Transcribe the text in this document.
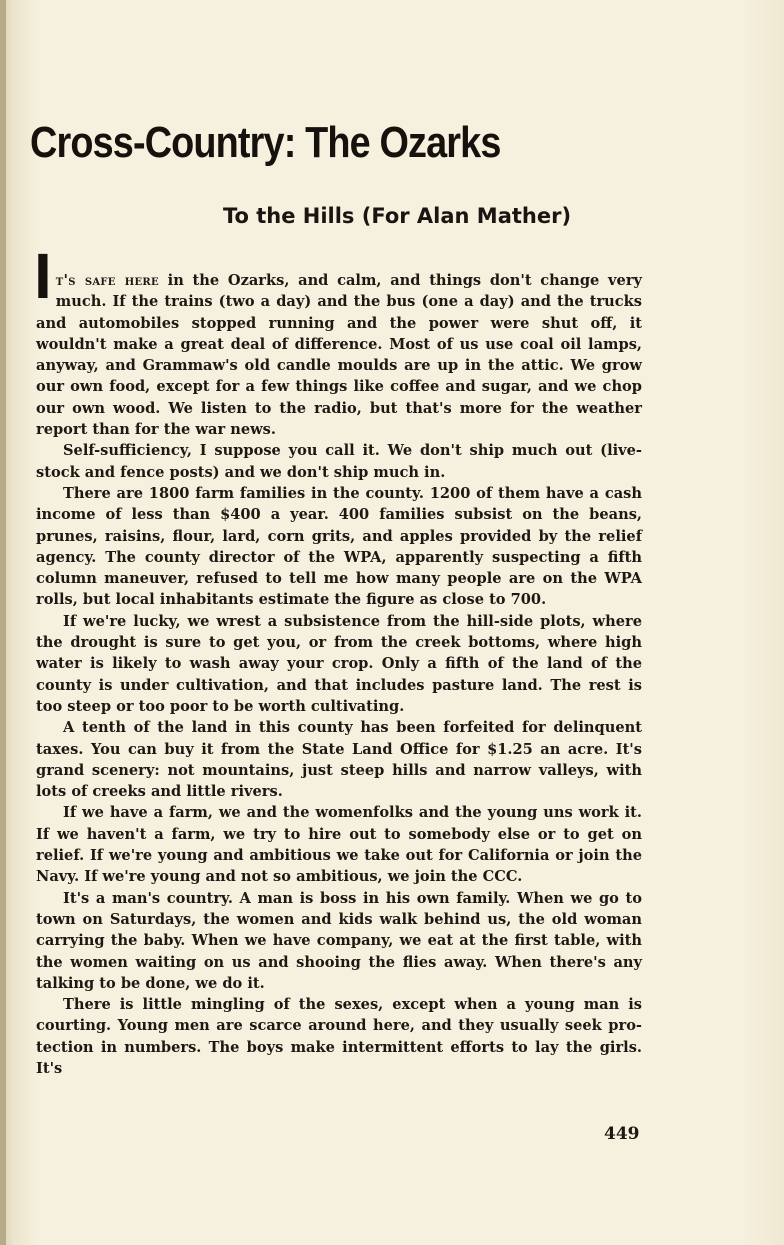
Cross-Country: The Ozarks
To the Hills (For Alan Mather)

It's safe here in the Ozarks, and calm, and things don't change very much. If the trains (two a day) and the bus (one a day) and the trucks and automobiles stopped running and the power were shut off, it wouldn't make a great deal of difference. Most of us use coal oil lamps, anyway, and Grammaw's old candle moulds are up in the attic. We grow our own food, except for a few things like coffee and sugar, and we chop our own wood. We listen to the radio, but that's more for the weather report than for the war news.

Self-sufficiency, I suppose you call it. We don't ship much out (live-stock and fence posts) and we don't ship much in.

There are 1800 farm families in the county. 1200 of them have a cash income of less than $400 a year. 400 families subsist on the beans, prunes, raisins, flour, lard, corn grits, and apples provided by the relief agency. The county director of the WPA, apparently suspecting a fifth column maneuver, refused to tell me how many people are on the WPA rolls, but local inhabitants estimate the figure as close to 700.

If we're lucky, we wrest a subsistence from the hill-side plots, where the drought is sure to get you, or from the creek bottoms, where high water is likely to wash away your crop. Only a fifth of the land of the county is under cultivation, and that includes pasture land. The rest is too steep or too poor to be worth cultivating.

A tenth of the land in this county has been forfeited for delinquent taxes. You can buy it from the State Land Office for $1.25 an acre. It's grand scenery: not mountains, just steep hills and narrow valleys, with lots of creeks and little rivers.

If we have a farm, we and the womenfolks and the young uns work it. If we haven't a farm, we try to hire out to somebody else or to get on relief. If we're young and ambitious we take out for California or join the Navy. If we're young and not so ambitious, we join the CCC.

It's a man's country. A man is boss in his own family. When we go to town on Saturdays, the women and kids walk behind us, the old woman carrying the baby. When we have company, we eat at the first table, with the women waiting on us and shooing the flies away. When there's any talking to be done, we do it.

There is little mingling of the sexes, except when a young man is courting. Young men are scarce around here, and they usually seek pro-tection in numbers. The boys make intermittent efforts to lay the girls. It's

449
